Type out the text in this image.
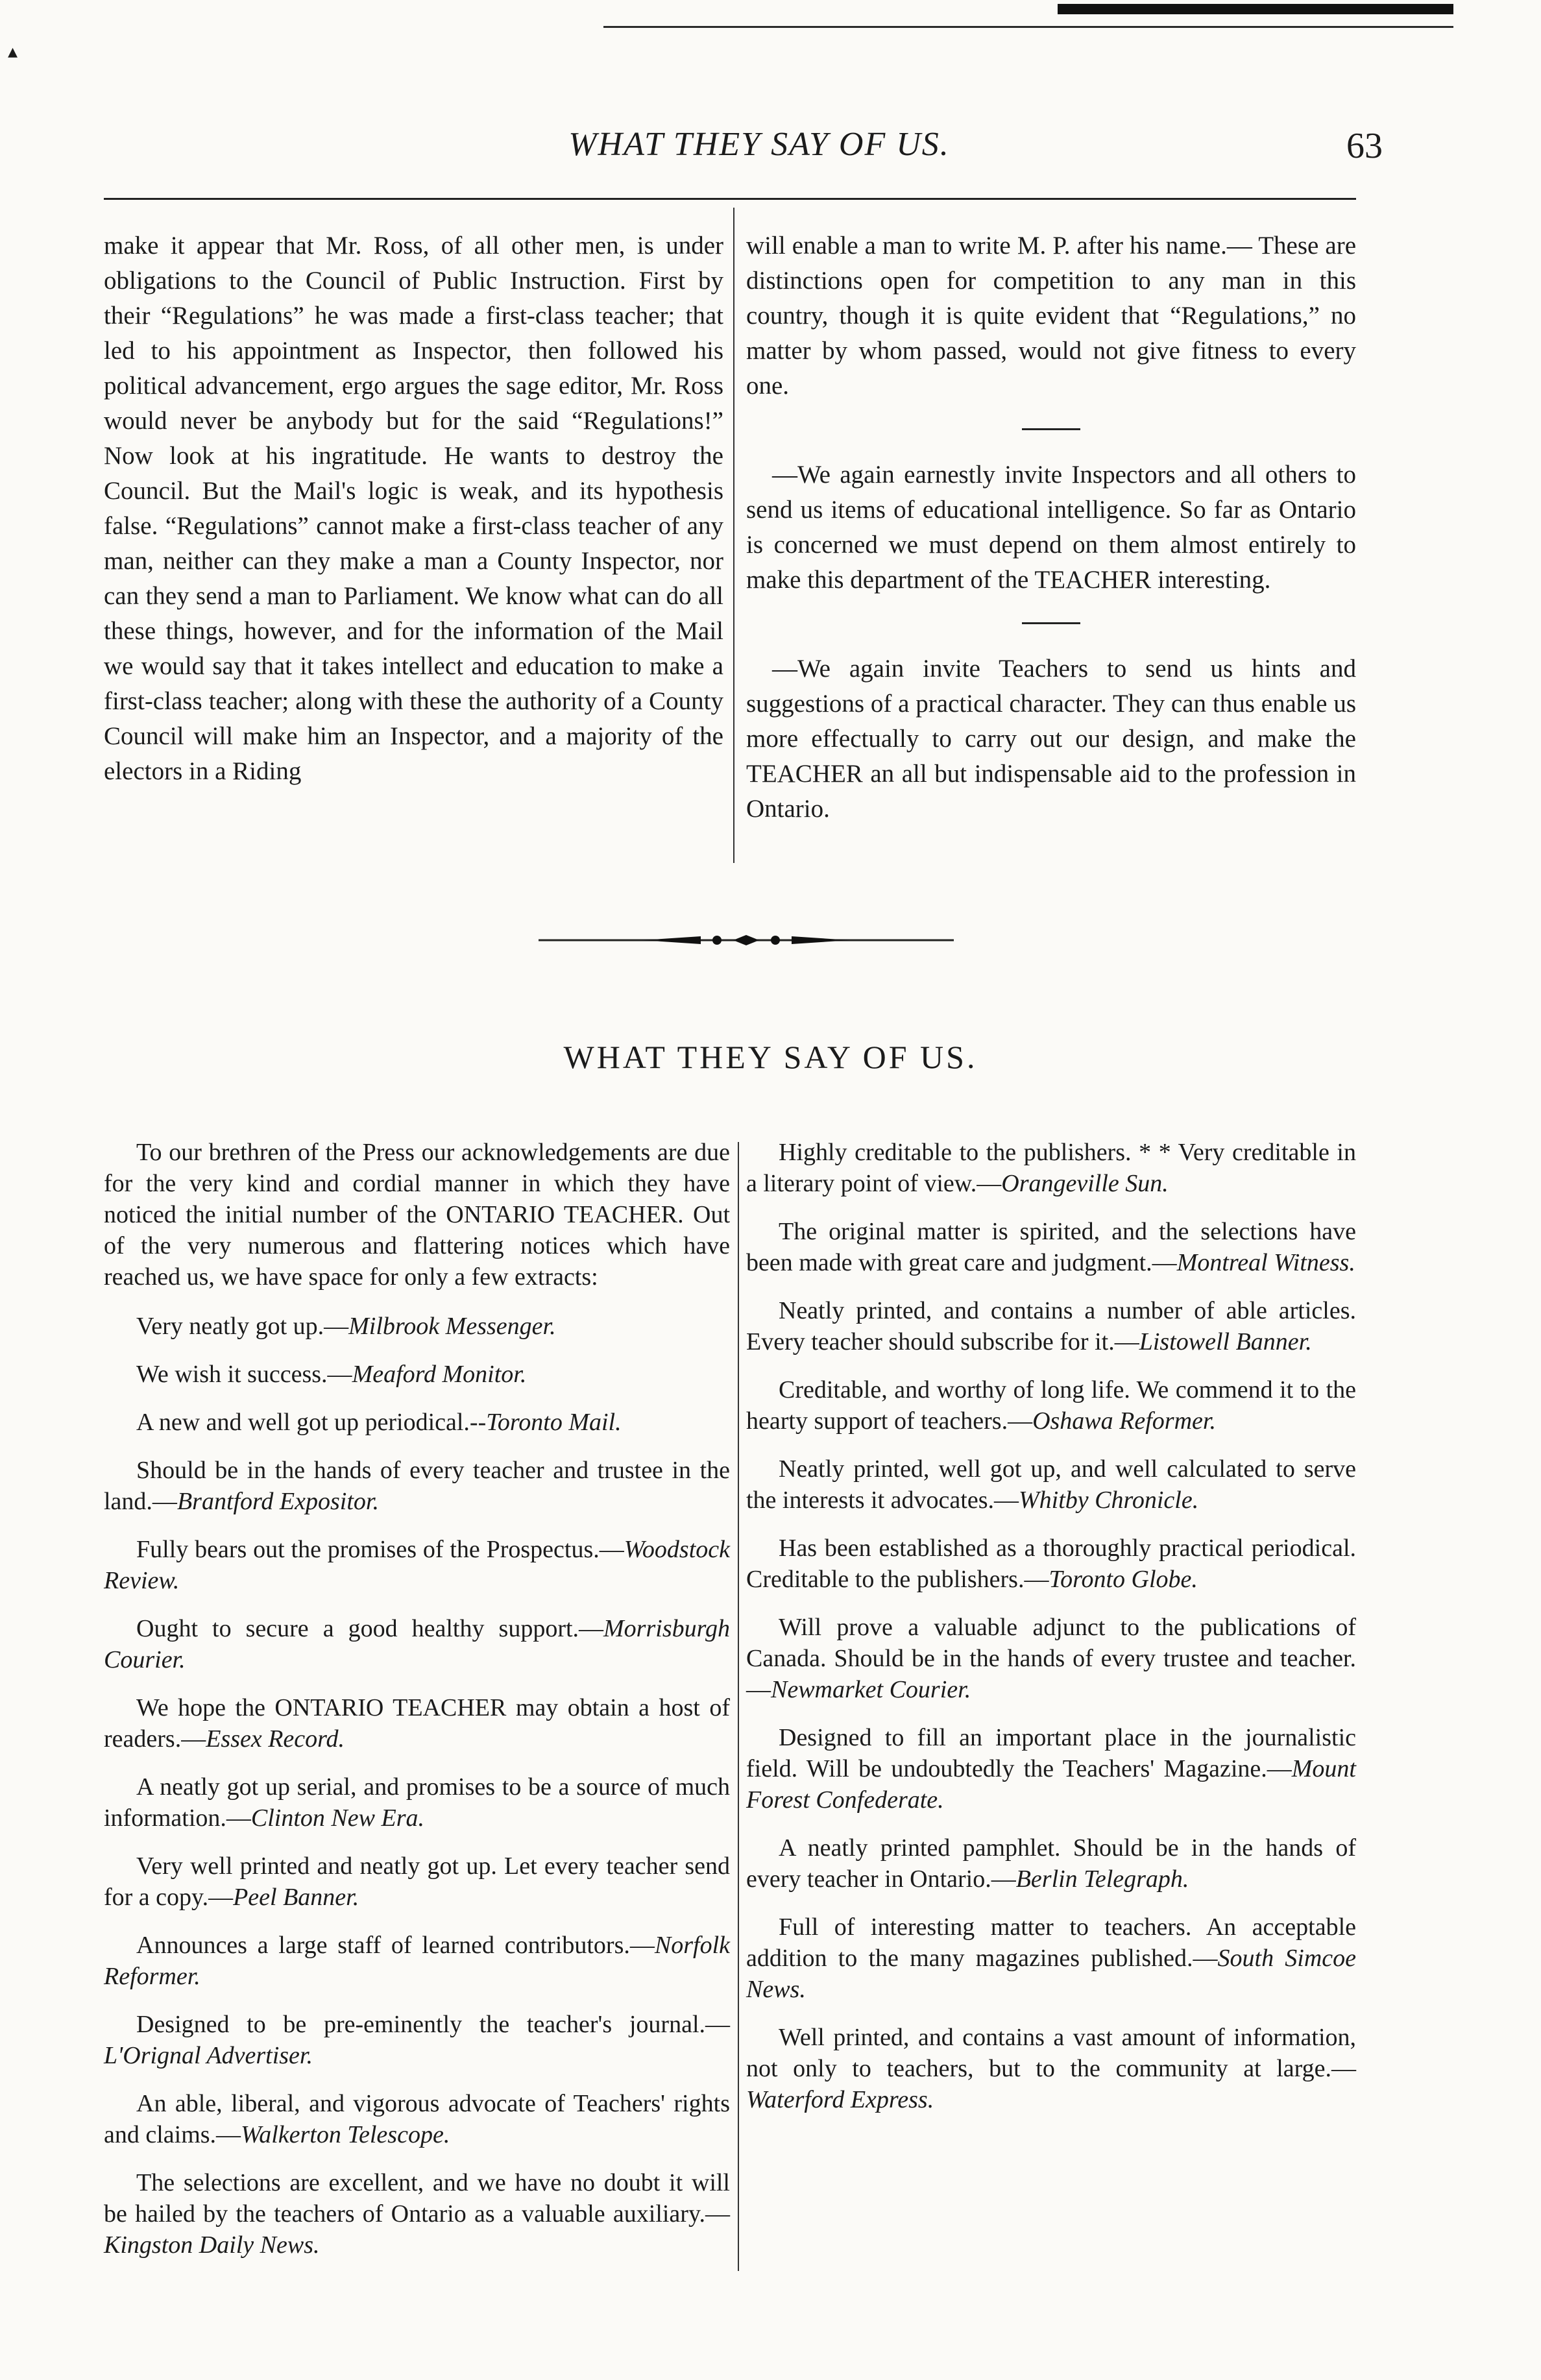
▴
WHAT THEY SAY OF US.	63

make it appear that Mr. Ross, of all other men, is under obligations to the Council of Public Instruction. First by their “Regulations” he was made a first-class teacher; that led to his appointment as Inspector, then followed his political advancement, ergo argues the sage editor, Mr. Ross would never be anybody but for the said “Regulations!” Now look at his ingratitude. He wants to destroy the Council. But the Mail's logic is weak, and its hypothesis false. “Regulations” cannot make a first-class teacher of any man, neither can they make a man a County Inspector, nor can they send a man to Parliament. We know what can do all these things, however, and for the information of the Mail we would say that it takes intellect and education to make a first-class teacher; along with these the authority of a County Council will make him an Inspector, and a majority of the electors in a Riding

will enable a man to write M. P. after his name.— These are distinctions open for competition to any man in this country, though it is quite evident that “Regulations,” no matter by whom passed, would not give fitness to every one.

—We again earnestly invite Inspectors and all others to send us items of educational intelligence. So far as Ontario is concerned we must depend on them almost entirely to make this department of the TEACHER interesting.

—We again invite Teachers to send us hints and suggestions of a practical character. They can thus enable us more effectually to carry out our design, and make the TEACHER an all but indispensable aid to the profession in Ontario.

WHAT THEY SAY OF US.

To our brethren of the Press our acknowledgements are due for the very kind and cordial manner in which they have noticed the initial number of the ONTARIO TEACHER. Out of the very numerous and flattering notices which have reached us, we have space for only a few extracts:

Very neatly got up.—Milbrook Messenger.

We wish it success.—Meaford Monitor.

A new and well got up periodical.--Toronto Mail.

Should be in the hands of every teacher and trustee in the land.—Brantford Expositor.

Fully bears out the promises of the Prospectus.—Woodstock Review.

Ought to secure a good healthy support.—Morrisburgh Courier.

We hope the ONTARIO TEACHER may obtain a host of readers.—Essex Record.

A neatly got up serial, and promises to be a source of much information.—Clinton New Era.

Very well printed and neatly got up. Let every teacher send for a copy.—Peel Banner.

Announces a large staff of learned contributors.—Norfolk Reformer.

Designed to be pre-eminently the teacher's journal.—L'Orignal Advertiser.

An able, liberal, and vigorous advocate of Teachers' rights and claims.—Walkerton Telescope.

The selections are excellent, and we have no doubt it will be hailed by the teachers of Ontario as a valuable auxiliary.—Kingston Daily News.

Highly creditable to the publishers. * * Very creditable in a literary point of view.—Orangeville Sun.

The original matter is spirited, and the selections have been made with great care and judgment.—Montreal Witness.

Neatly printed, and contains a number of able articles. Every teacher should subscribe for it.—Listowell Banner.

Creditable, and worthy of long life. We commend it to the hearty support of teachers.—Oshawa Reformer.

Neatly printed, well got up, and well calculated to serve the interests it advocates.—Whitby Chronicle.

Has been established as a thoroughly practical periodical. Creditable to the publishers.—Toronto Globe.

Will prove a valuable adjunct to the publications of Canada. Should be in the hands of every trustee and teacher.—Newmarket Courier.

Designed to fill an important place in the journalistic field. Will be undoubtedly the Teachers' Magazine.—Mount Forest Confederate.

A neatly printed pamphlet. Should be in the hands of every teacher in Ontario.—Berlin Telegraph.

Full of interesting matter to teachers. An acceptable addition to the many magazines published.—South Simcoe News.

Well printed, and contains a vast amount of information, not only to teachers, but to the community at large.—Waterford Express.
